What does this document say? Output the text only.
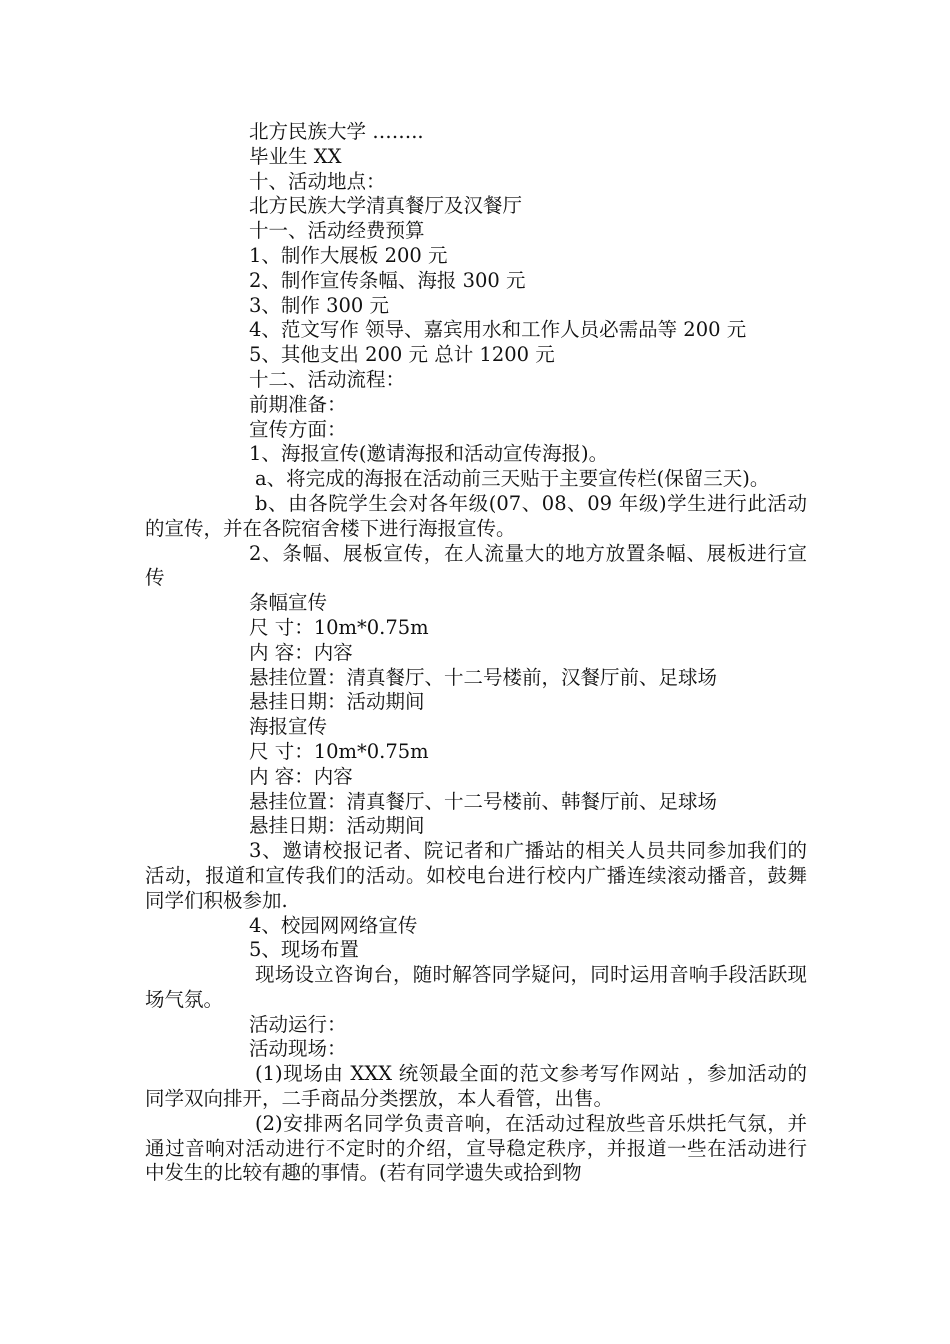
北方民族大学 ……..
毕业生 XX
十、活动地点：
北方民族大学清真餐厅及汉餐厅
十一、活动经费预算
1、制作大展板 200 元
2、制作宣传条幅、海报 300 元
3、制作 300 元
4、范文写作 领导、嘉宾用水和工作人员必需品等 200 元
5、其他支出 200 元 总计 1200 元
十二、活动流程：
前期准备：
宣传方面：
1、海报宣传(邀请海报和活动宣传海报)。
a、将完成的海报在活动前三天贴于主要宣传栏(保留三天)。
b、由各院学生会对各年级(07、08、09 年级)学生进行此活动的宣传，并在各院宿舍楼下进行海报宣传。
2、条幅、展板宣传，在人流量大的地方放置条幅、展板进行宣传
条幅宣传
尺 寸：10m*0.75m
内 容：内容
悬挂位置：清真餐厅、十二号楼前，汉餐厅前、足球场
悬挂日期：活动期间
海报宣传
尺 寸：10m*0.75m
内 容：内容
悬挂位置：清真餐厅、十二号楼前、韩餐厅前、足球场
悬挂日期：活动期间
3、邀请校报记者、院记者和广播站的相关人员共同参加我们的活动，报道和宣传我们的活动。如校电台进行校内广播连续滚动播音，鼓舞同学们积极参加.
4、校园网网络宣传
5、现场布置
现场设立咨询台，随时解答同学疑问，同时运用音响手段活跃现场气氛。
活动运行：
活动现场：
(1)现场由 XXX 统领最全面的范文参考写作网站 ，参加活动的同学双向排开，二手商品分类摆放，本人看管，出售。
(2)安排两名同学负责音响，在活动过程放些音乐烘托气氛，并通过音响对活动进行不定时的介绍，宣导稳定秩序，并报道一些在活动进行中发生的比较有趣的事情。(若有同学遗失或拾到物
